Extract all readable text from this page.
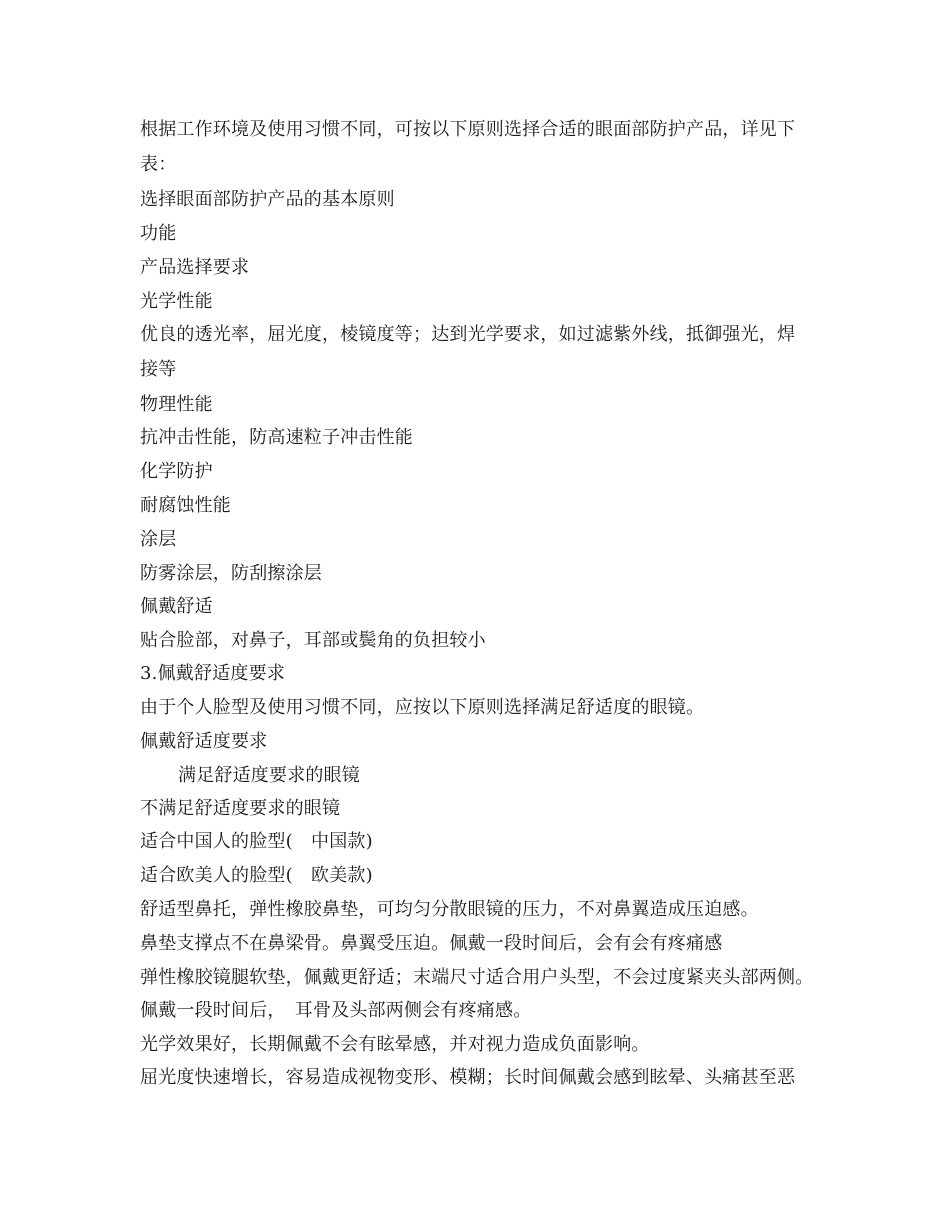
根据工作环境及使用习惯不同，可按以下原则选择合适的眼面部防护产品，详见下
表：
选择眼面部防护产品的基本原则
功能
产品选择要求
光学性能
优良的透光率，屈光度，棱镜度等；达到光学要求，如过滤紫外线，抵御强光，焊
接等
物理性能
抗冲击性能，防高速粒子冲击性能
化学防护
耐腐蚀性能
涂层
防雾涂层，防刮擦涂层
佩戴舒适
贴合脸部，对鼻子，耳部或鬓角的负担较小
3.佩戴舒适度要求
由于个人脸型及使用习惯不同，应按以下原则选择满足舒适度的眼镜。
佩戴舒适度要求
满足舒适度要求的眼镜
不满足舒适度要求的眼镜
适合中国人的脸型(　中国款)
适合欧美人的脸型(　欧美款)
舒适型鼻托，弹性橡胶鼻垫，可均匀分散眼镜的压力，不对鼻翼造成压迫感。
鼻垫支撑点不在鼻梁骨。鼻翼受压迫。佩戴一段时间后，会有会有疼痛感
弹性橡胶镜腿软垫，佩戴更舒适；末端尺寸适合用户头型，不会过度紧夹头部两侧。
佩戴一段时间后，　耳骨及头部两侧会有疼痛感。
光学效果好，长期佩戴不会有眩晕感，并对视力造成负面影响。
屈光度快速增长，容易造成视物变形、模糊；长时间佩戴会感到眩晕、头痛甚至恶
